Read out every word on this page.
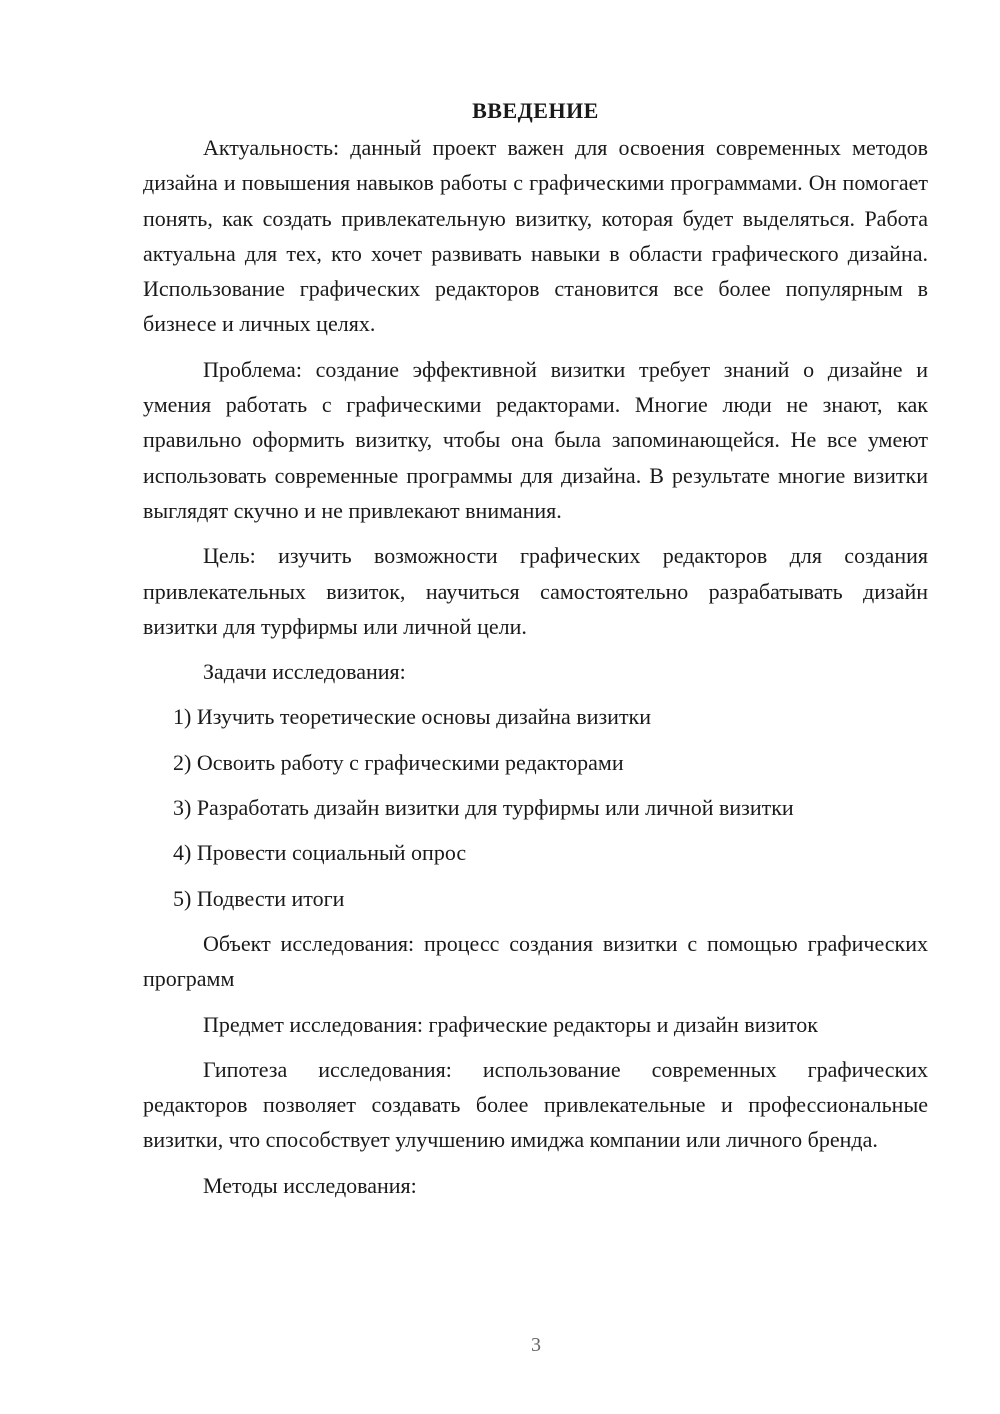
ВВЕДЕНИЕ

Актуальность: данный проект важен для освоения современных методов дизайна и повышения навыков работы с графическими программами. Он помогает понять, как создать привлекательную визитку, которая будет выделяться. Работа актуальна для тех, кто хочет развивать навыки в области графического дизайна. Использование графических редакторов становится все более популярным в бизнесе и личных целях.

Проблема: создание эффективной визитки требует знаний о дизайне и умения работать с графическими редакторами. Многие люди не знают, как правильно оформить визитку, чтобы она была запоминающейся. Не все умеют использовать современные программы для дизайна. В результате многие визитки выглядят скучно и не привлекают внимания.

Цель: изучить возможности графических редакторов для создания привлекательных визиток, научиться самостоятельно разрабатывать дизайн визитки для турфирмы или личной цели.

Задачи исследования:

1) Изучить теоретические основы дизайна визитки
2) Освоить работу с графическими редакторами
3) Разработать дизайн визитки для турфирмы или личной визитки
4) Провести социальный опрос
5) Подвести итоги

Объект исследования: процесс создания визитки с помощью графических программ

Предмет исследования: графические редакторы и дизайн визиток

Гипотеза исследования: использование современных графических редакторов позволяет создавать более привлекательные и профессиональные визитки, что способствует улучшению имиджа компании или личного бренда.

Методы исследования:

3
